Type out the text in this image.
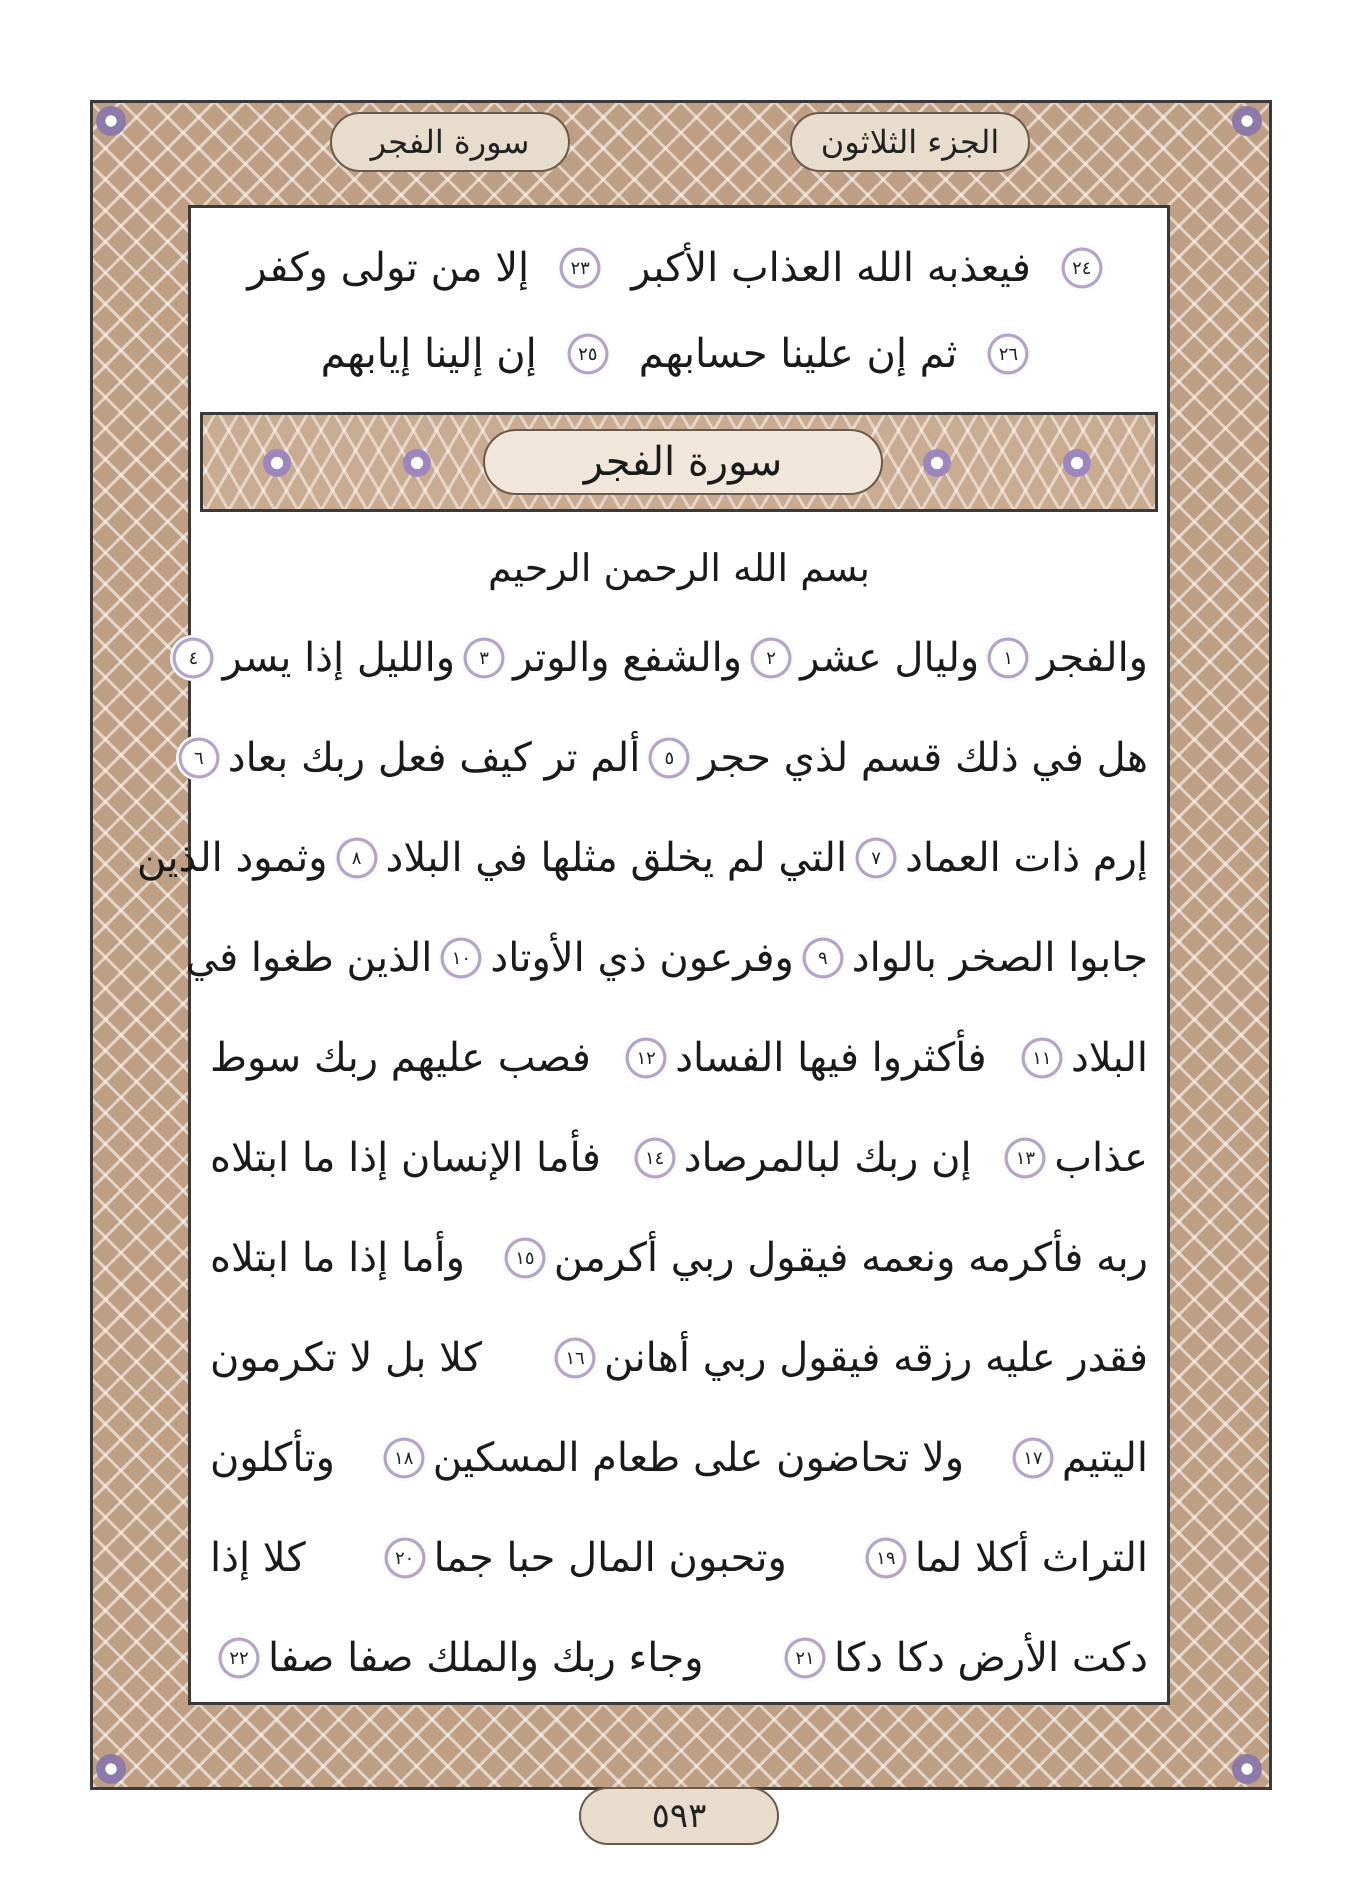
الجزء الثلاثون
سورة الفجر
إلا من تولى وكفر	٢٣	فيعذبه الله العذاب الأكبر	٢٤
إن إلينا إيابهم	٢٥	ثم إن علينا حسابهم	٢٦
سورة الفجر
بسم الله الرحمن الرحيم
والفجر
١
وليال عشر
٢
والشفع والوتر
٣
والليل إذا يسر
٤
هل في ذلك قسم لذي حجر
٥
ألم تر كيف فعل ربك بعاد
٦
إرم ذات العماد
٧
التي لم يخلق مثلها في البلاد
٨
وثمود الذين
جابوا الصخر بالواد
٩
وفرعون ذي الأوتاد
١٠
الذين طغوا في
البلاد
١١
فأكثروا فيها الفساد
١٢
فصب عليهم ربك سوط
عذاب
١٣
إن ربك لبالمرصاد
١٤
فأما الإنسان إذا ما ابتلاه
ربه فأكرمه ونعمه فيقول ربي أكرمن
١٥
وأما إذا ما ابتلاه
فقدر عليه رزقه فيقول ربي أهانن
١٦
كلا بل لا تكرمون
اليتيم
١٧
ولا تحاضون على طعام المسكين
١٨
وتأكلون
التراث أكلا لما
١٩
وتحبون المال حبا جما
٢٠
كلا إذا
دكت الأرض دكا دكا
٢١
وجاء ربك والملك صفا صفا
٢٢
٥٩٣
